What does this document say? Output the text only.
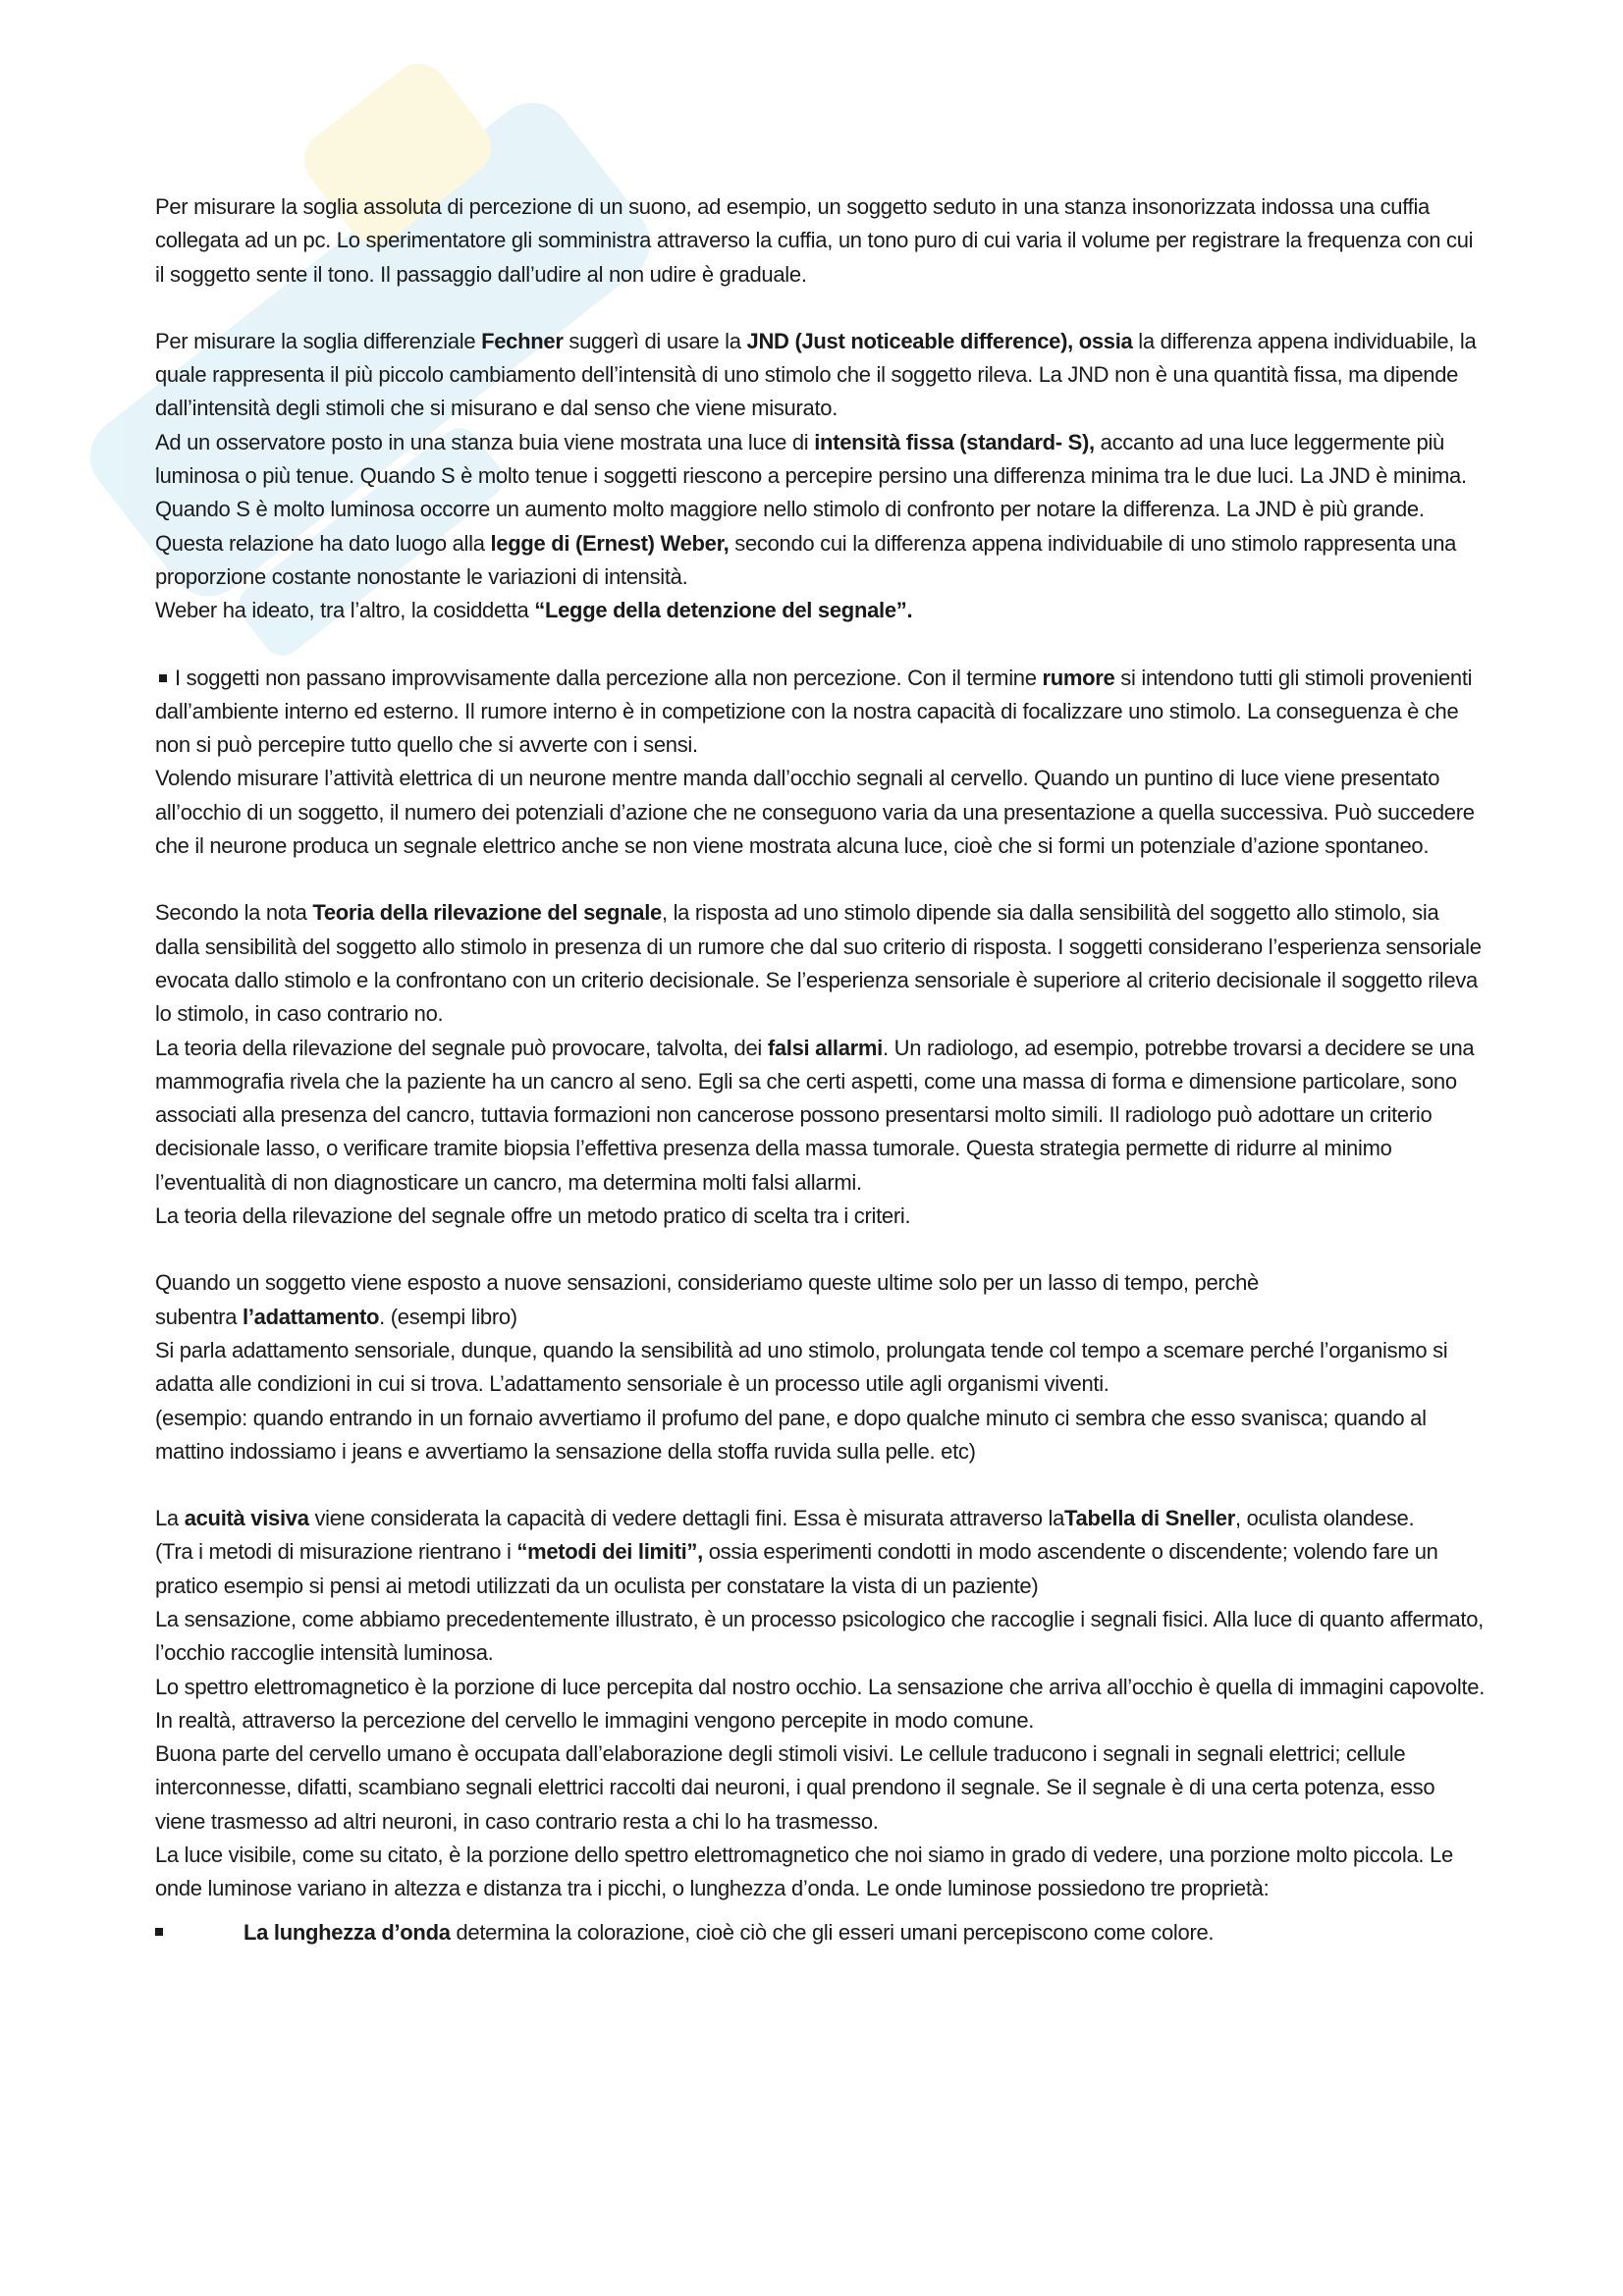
Per misurare la soglia assoluta di percezione di un suono, ad esempio, un soggetto seduto in una stanza insonorizzata indossa una cuffia collegata ad un pc. Lo sperimentatore gli somministra attraverso la cuffia, un tono puro di cui varia il volume per registrare la frequenza con cui il soggetto sente il tono. Il passaggio dall’udire al non udire è graduale.

Per misurare la soglia differenziale Fechner suggerì di usare la JND (Just noticeable difference), ossia la differenza appena individuabile, la quale rappresenta il più piccolo cambiamento dell’intensità di uno stimolo che il soggetto rileva. La JND non è una quantità fissa, ma dipende dall’intensità degli stimoli che si misurano e dal senso che viene misurato.

Ad un osservatore posto in una stanza buia viene mostrata una luce di intensità fissa (standard- S), accanto ad una luce leggermente più luminosa o più tenue. Quando S è molto tenue i soggetti riescono a percepire persino una differenza minima tra le due luci. La JND è minima. Quando S è molto luminosa occorre un aumento molto maggiore nello stimolo di confronto per notare la differenza. La JND è più grande.

Questa relazione ha dato luogo alla legge di (Ernest) Weber, secondo cui la differenza appena individuabile di uno stimolo rappresenta una proporzione costante nonostante le variazioni di intensità.

Weber ha ideato, tra l’altro, la cosiddetta “Legge della detenzione del segnale”.

I soggetti non passano improvvisamente dalla percezione alla non percezione. Con il termine rumore si intendono tutti gli stimoli provenienti dall’ambiente interno ed esterno. Il rumore interno è in competizione con la nostra capacità di focalizzare uno stimolo. La conseguenza è che non si può percepire tutto quello che si avverte con i sensi.

Volendo misurare l’attività elettrica di un neurone mentre manda dall’occhio segnali al cervello. Quando un puntino di luce viene presentato all’occhio di un soggetto, il numero dei potenziali d’azione che ne conseguono varia da una presentazione a quella successiva. Può succedere che il neurone produca un segnale elettrico anche se non viene mostrata alcuna luce, cioè che si formi un potenziale d’azione spontaneo.

Secondo la nota Teoria della rilevazione del segnale, la risposta ad uno stimolo dipende sia dalla sensibilità del soggetto allo stimolo, sia dalla sensibilità del soggetto allo stimolo in presenza di un rumore che dal suo criterio di risposta. I soggetti considerano l’esperienza sensoriale evocata dallo stimolo e la confrontano con un criterio decisionale. Se l’esperienza sensoriale è superiore al criterio decisionale il soggetto rileva lo stimolo, in caso contrario no.

La teoria della rilevazione del segnale può provocare, talvolta, dei falsi allarmi. Un radiologo, ad esempio, potrebbe trovarsi a decidere se una mammografia rivela che la paziente ha un cancro al seno. Egli sa che certi aspetti, come una massa di forma e dimensione particolare, sono associati alla presenza del cancro, tuttavia formazioni non cancerose possono presentarsi molto simili. Il radiologo può adottare un criterio decisionale lasso, o verificare tramite biopsia l’effettiva presenza della massa tumorale. Questa strategia permette di ridurre al minimo l’eventualità di non diagnosticare un cancro, ma determina molti falsi allarmi.

La teoria della rilevazione del segnale offre un metodo pratico di scelta tra i criteri.

Quando un soggetto viene esposto a nuove sensazioni, consideriamo queste ultime solo per un lasso di tempo, perchè
subentra l’adattamento. (esempi libro)

Si parla adattamento sensoriale, dunque, quando la sensibilità ad uno stimolo, prolungata tende col tempo a scemare perché l’organismo si adatta alle condizioni in cui si trova. L’adattamento sensoriale è un processo utile agli organismi viventi.

(esempio: quando entrando in un fornaio avvertiamo il profumo del pane, e dopo qualche minuto ci sembra che esso svanisca; quando al mattino indossiamo i jeans e avvertiamo la sensazione della stoffa ruvida sulla pelle. etc)

La acuità visiva viene considerata la capacità di vedere dettagli fini. Essa è misurata attraverso laTabella di Sneller, oculista olandese.

(Tra i metodi di misurazione rientrano i “metodi dei limiti”, ossia esperimenti condotti in modo ascendente o discendente; volendo fare un pratico esempio si pensi ai metodi utilizzati da un oculista per constatare la vista di un paziente)

La sensazione, come abbiamo precedentemente illustrato, è un processo psicologico che raccoglie i segnali fisici. Alla luce di quanto affermato, l’occhio raccoglie intensità luminosa.

Lo spettro elettromagnetico è la porzione di luce percepita dal nostro occhio. La sensazione che arriva all’occhio è quella di immagini capovolte. In realtà, attraverso la percezione del cervello le immagini vengono percepite in modo comune.

Buona parte del cervello umano è occupata dall’elaborazione degli stimoli visivi. Le cellule traducono i segnali in segnali elettrici; cellule interconnesse, difatti, scambiano segnali elettrici raccolti dai neuroni, i qual prendono il segnale. Se il segnale è di una certa potenza, esso viene trasmesso ad altri neuroni, in caso contrario resta a chi lo ha trasmesso.

La luce visibile, come su citato, è la porzione dello spettro elettromagnetico che noi siamo in grado di vedere, una porzione molto piccola. Le onde luminose variano in altezza e distanza tra i picchi, o lunghezza d’onda. Le onde luminose possiedono tre proprietà:

La lunghezza d’onda determina la colorazione, cioè ciò che gli esseri umani percepiscono come colore.
